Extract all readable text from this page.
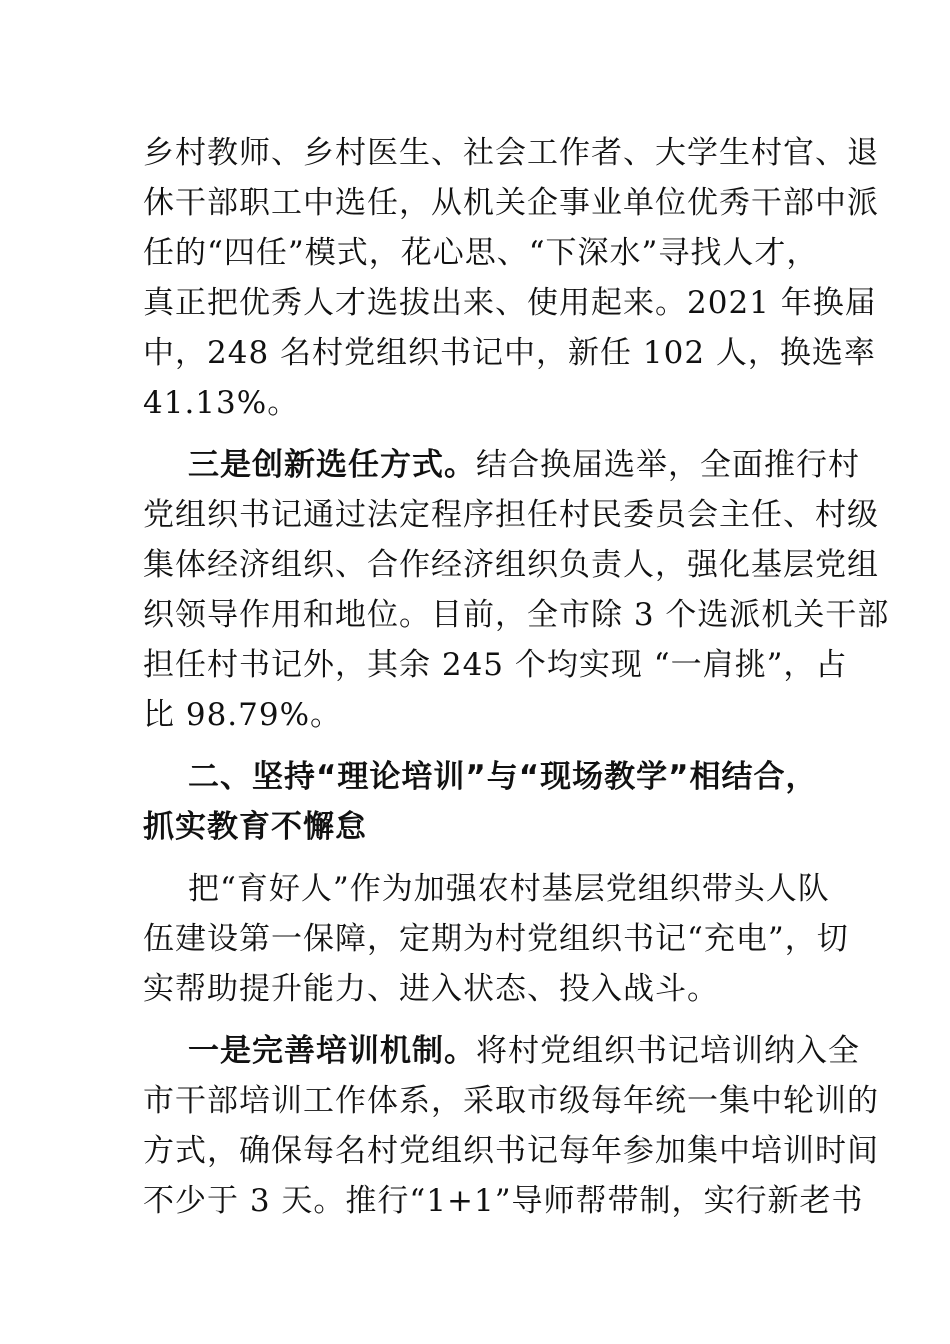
乡村教师、乡村医生、社会工作者、大学生村官、退
休干部职工中选任，从机关企事业单位优秀干部中派
任的“四任”模式，花心思、“下深水”寻找人才，
真正把优秀人才选拔出来、使用起来。2021 年换届
中，248 名村党组织书记中，新任 102 人，换选率
41.13%。
三是创新选任方式。结合换届选举，全面推行村
党组织书记通过法定程序担任村民委员会主任、村级
集体经济组织、合作经济组织负责人，强化基层党组
织领导作用和地位。目前，全市除 3 个选派机关干部
担任村书记外，其余 245 个均实现 “一肩挑”，占
比 98.79%。
二、坚持“理论培训”与“现场教学”相结合，
抓实教育不懈怠
把“育好人”作为加强农村基层党组织带头人队
伍建设第一保障，定期为村党组织书记“充电”，切
实帮助提升能力、进入状态、投入战斗。
一是完善培训机制。将村党组织书记培训纳入全
市干部培训工作体系，采取市级每年统一集中轮训的
方式，确保每名村党组织书记每年参加集中培训时间
不少于 3 天。推行“1+1”导师帮带制，实行新老书
